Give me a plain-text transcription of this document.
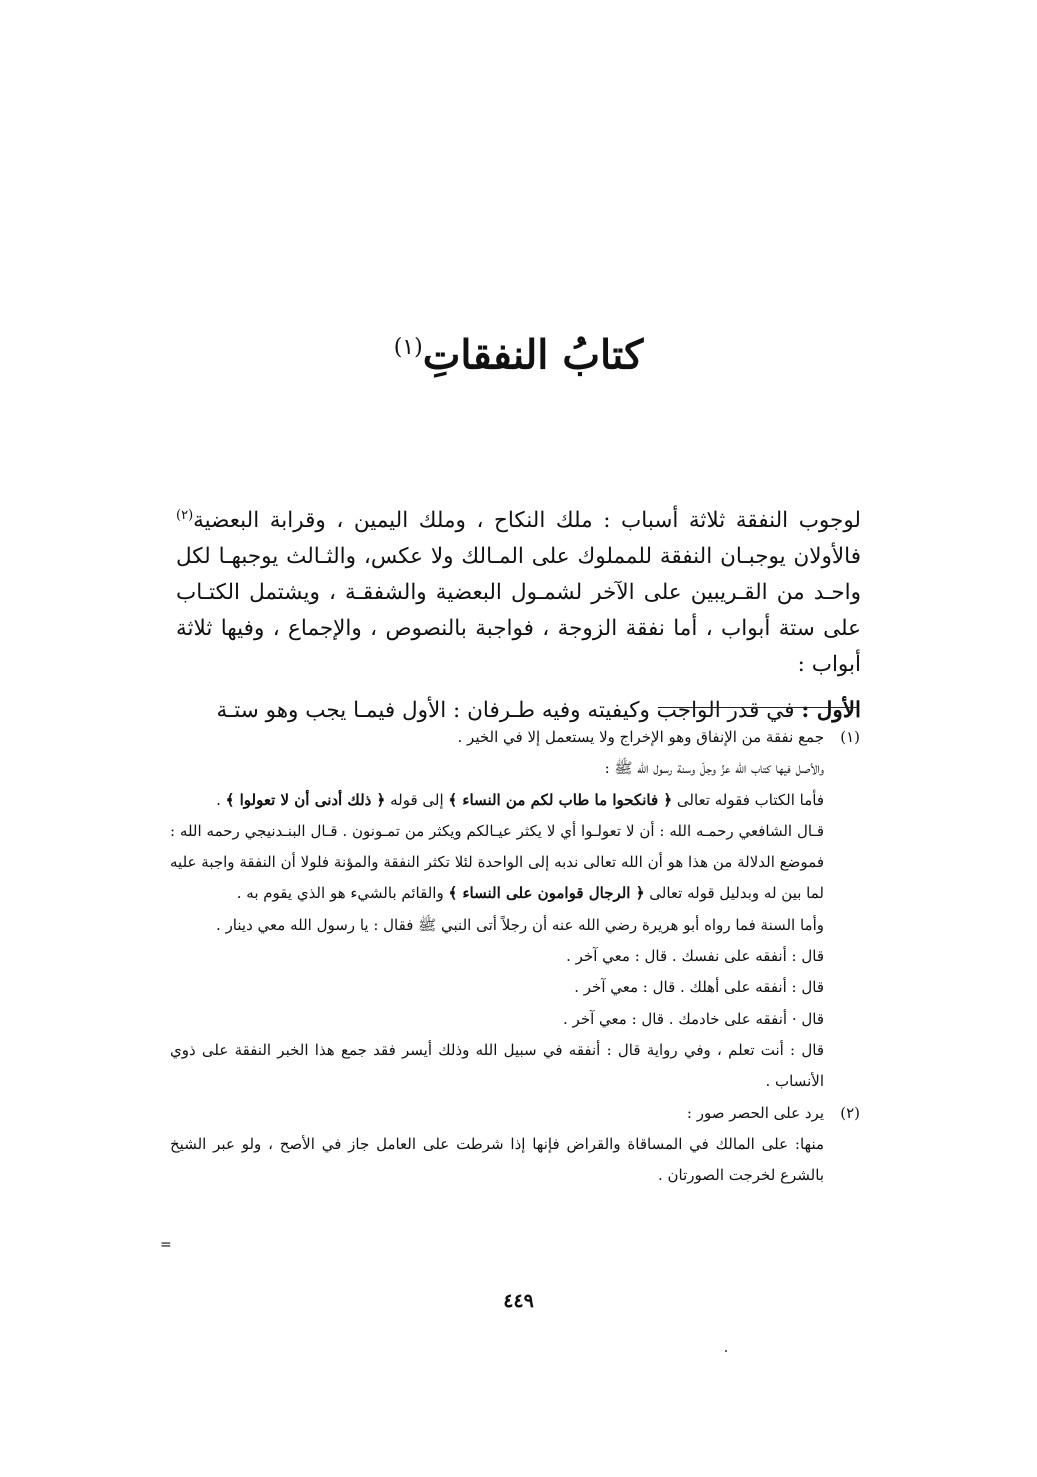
كتابُ النفقاتِ$^{(١)}$

لوجوب النفقة ثلاثة أسباب : ملك النكاح ، وملك اليمين ، وقرابة البعضية$^{(٢)}$ فالأولان يوجبـان النفقة للمملوك على المـالك ولا عكس، والثـالث يوجبهـا لكل واحـد من القـريبين على الآخر لشمـول البعضية والشفقـة ، ويشتمل الكتـاب على ستة أبواب ، أما نفقة الزوجة ، فواجبة بالنصوص ، والإجماع ، وفيها ثلاثة أبواب :

الأول : في قدر الواجب وكيفيته وفيه طـرفان : الأول فيمـا يجب وهو ستـة

(١)

جمع نفقة من الإنفاق وهو الإخراج ولا يستعمل إلا في الخير .

والأصل فيها كتاب الله عزَّ وجلّ وسنة رسول الله ﷺ :

فأما الكتاب فقوله تعالى ﴿ فانكحوا ما طاب لكم من النساء ﴾ إلى قوله ﴿ ذلك أدنى أن لا تعولوا ﴾ .

قـال الشافعي رحمـه الله : أن لا تعولـوا أي لا يكثر عيـالكم ويكثر من تمـونون . قـال البنـدنيجي رحمه الله : فموضع الدلالة من هذا هو أن الله تعالى ندبه إلى الواحدة لئلا تكثر النفقة والمؤنة فلولا أن النفقة واجبة عليه لما بين له وبدليل قوله تعالى ﴿ الرجال قوامون على النساء ﴾ والقائم بالشيء هو الذي يقوم به .

وأما السنة فما رواه أبو هريرة رضي الله عنه أن رجلاً أتى النبي ﷺ فقال : يا رسول الله معي دينار .

قال : أنفقه على نفسك . قال : معي آخر .

قال : أنفقه على أهلك . قال : معي آخر .

قال · أنفقه على خادمك . قال : معي آخر .

قال : أنت تعلم ، وفي رواية قال : أنفقه في سبيل الله وذلك أيسر فقد جمع هذا الخبر النفقة على ذوي الأنساب .

(٢)

يرد على الحصر صور :

منها: على المالك في المساقاة والقراض فإنها إذا شرطت على العامل جاز في الأصح ، ولو عبر الشيخ بالشرع لخرجت الصورتان .

=

٤٤٩
